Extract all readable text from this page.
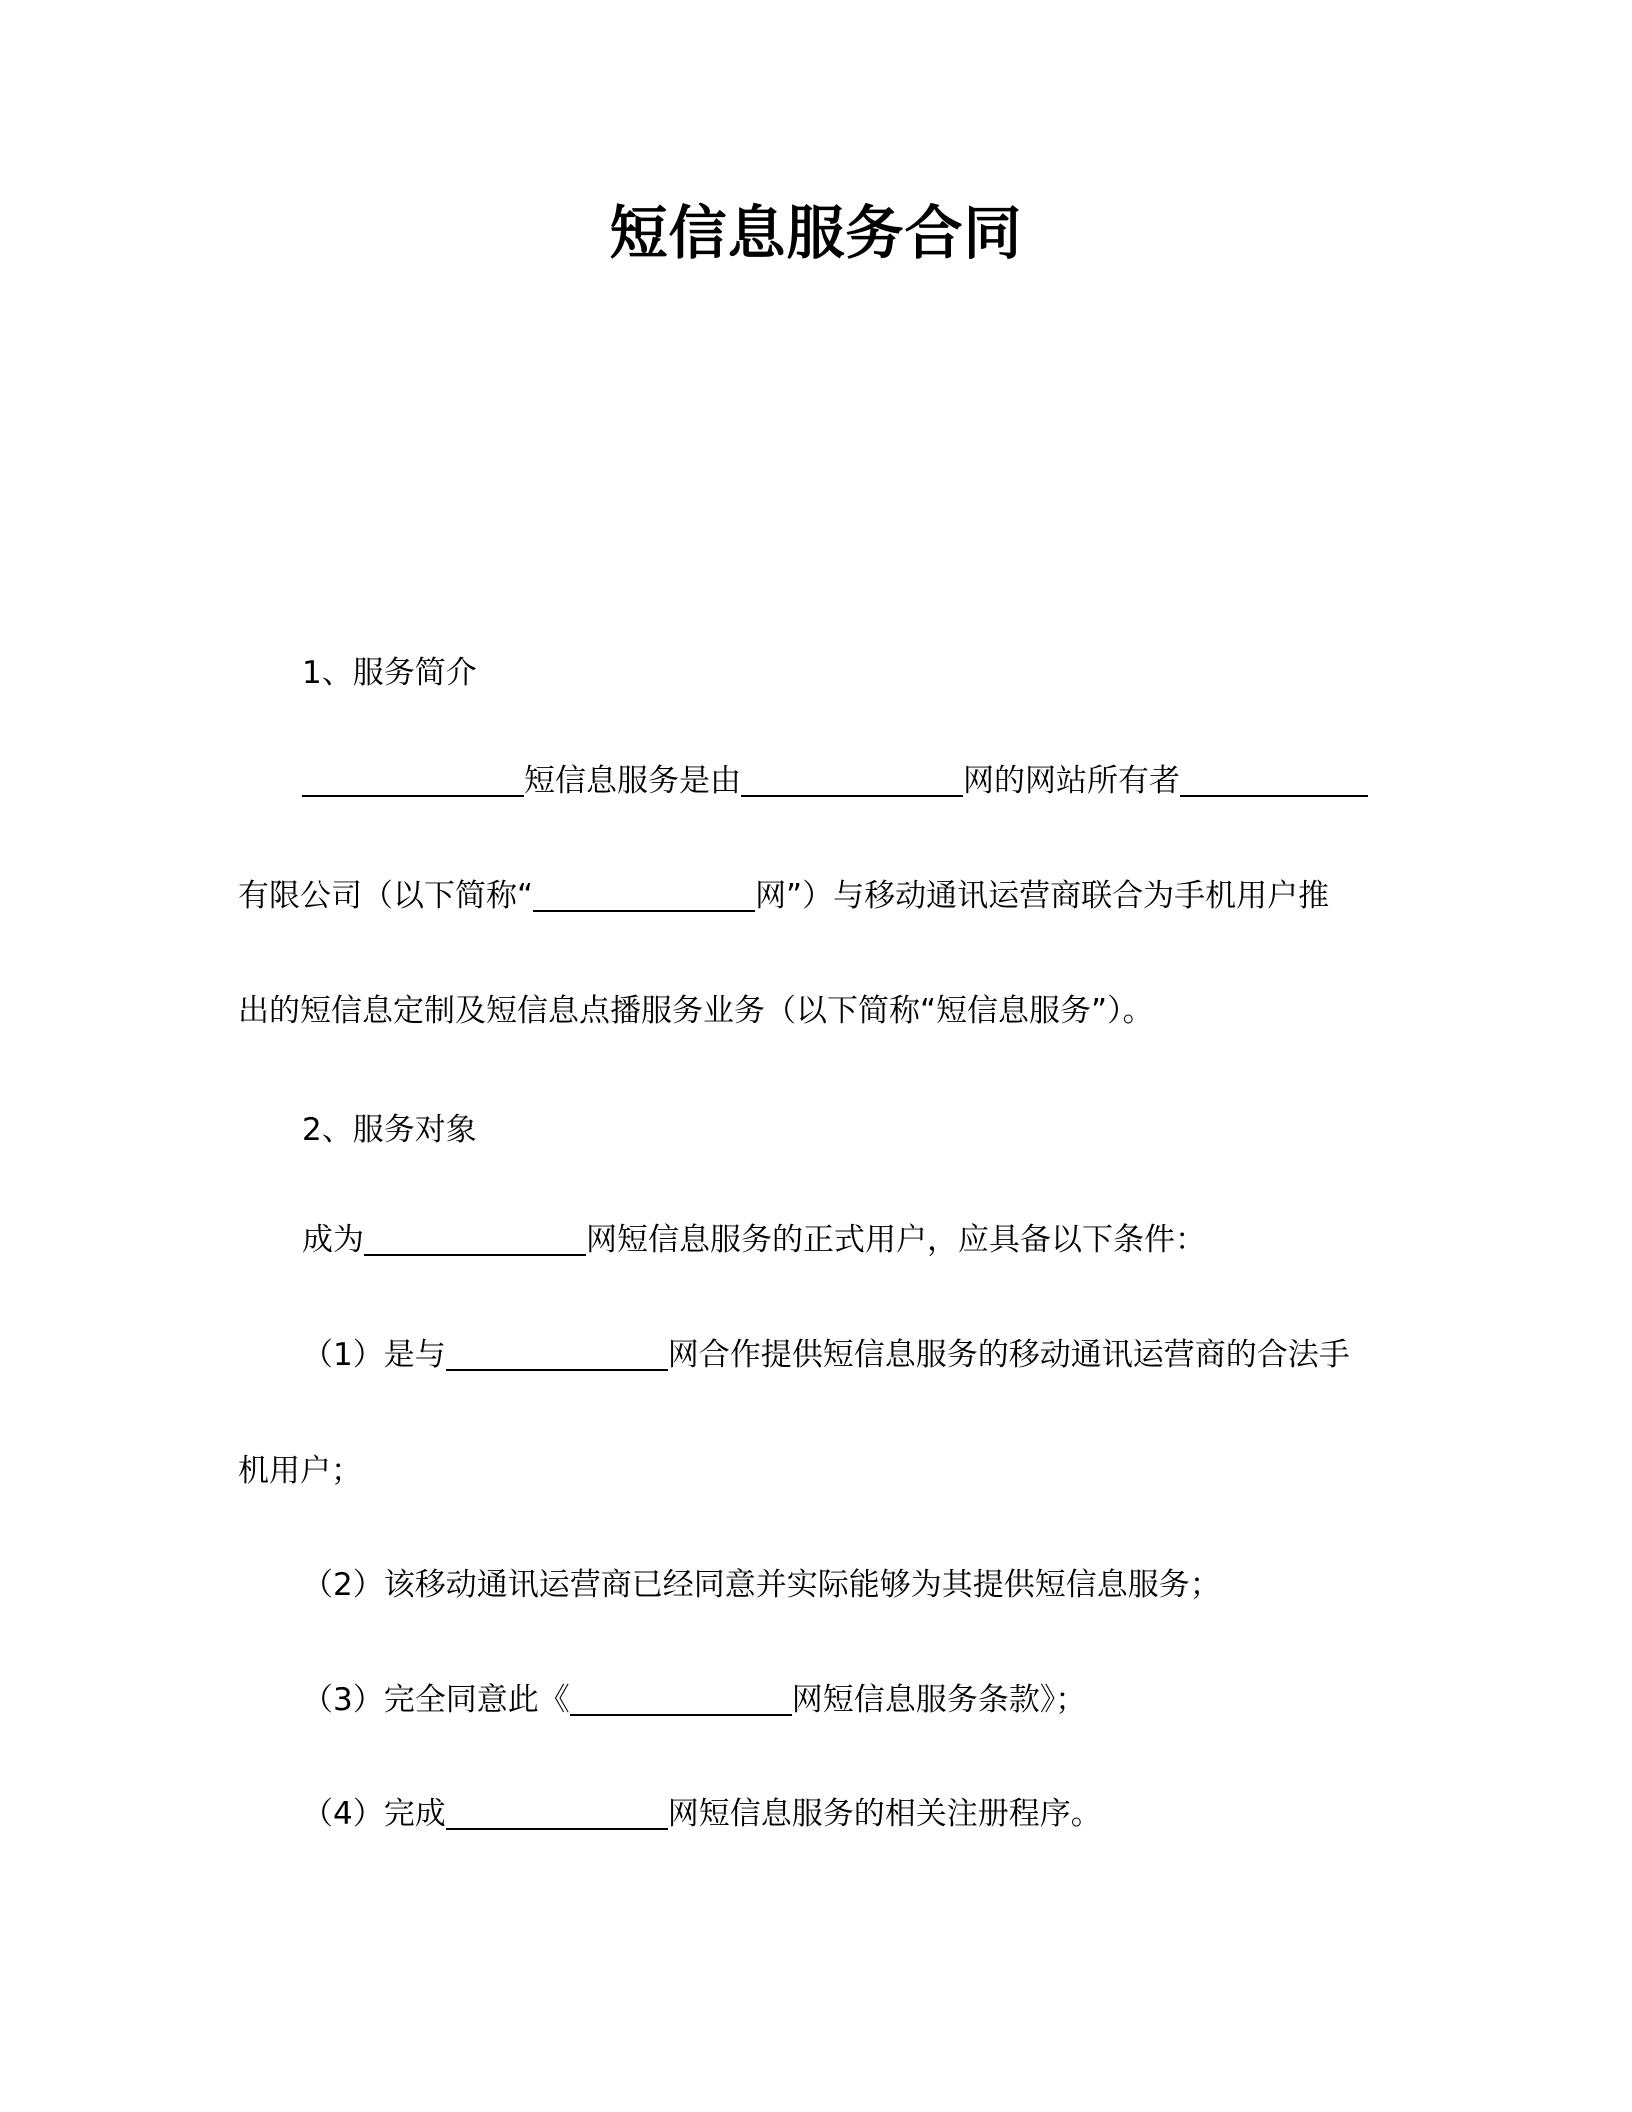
短信息服务合同
1、服务简介
短信息服务是由	网的网站所有者
有限公司（以下简称“	网”）与移动通讯运营商联合为手机用户推
出的短信息定制及短信息点播服务业务（以下简称“短信息服务”）。
2、服务对象
成为	网短信息服务的正式用户，应具备以下条件：
（1）是与	网合作提供短信息服务的移动通讯运营商的合法手
机用户；
（2）该移动通讯运营商已经同意并实际能够为其提供短信息服务；
（3）完全同意此《	网短信息服务条款》；
（4）完成	网短信息服务的相关注册程序。
